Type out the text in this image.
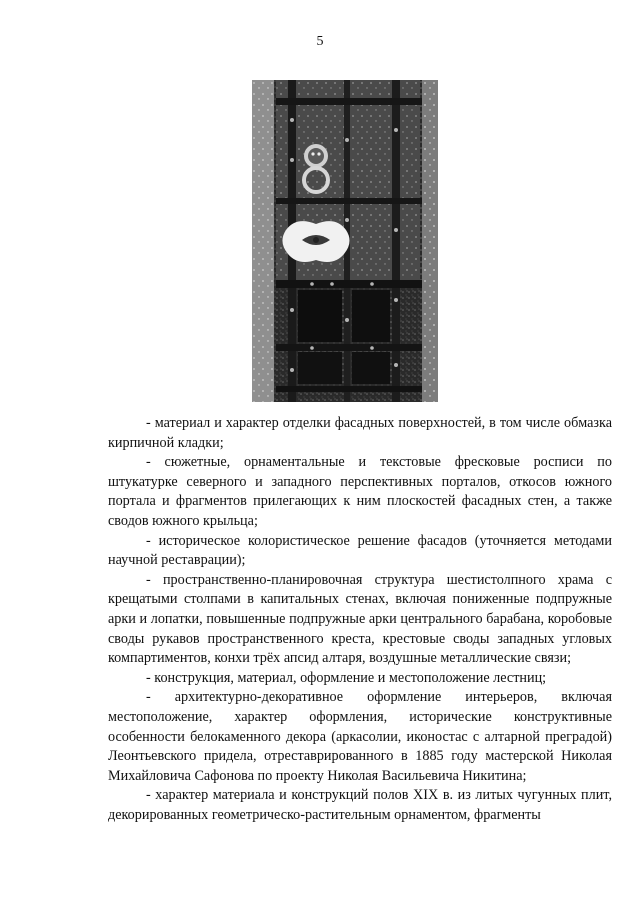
5

- материал и характер отделки фасадных поверхностей, в том числе обмазка кирпичной кладки;

- сюжетные, орнаментальные и текстовые фресковые росписи по штукатурке северного и западного перспективных порталов, откосов южного портала и фрагментов прилегающих к ним плоскостей фасадных стен, а также сводов южного крыльца;

- историческое колористическое решение фасадов (уточняется методами научной реставрации);

- пространственно-планировочная структура шестистолпного храма с крещатыми столпами в капитальных стенах, включая пониженные подпружные арки и лопатки, повышенные подпружные арки центрального барабана, коробовые своды рукавов пространственного креста, крестовые своды западных угловых компартиментов, конхи трёх апсид алтаря, воздушные металлические связи;

- конструкция, материал, оформление и местоположение лестниц;

- архитектурно-декоративное оформление интерьеров, включая местоположение, характер оформления, исторические конструктивные особенности белокаменного декора (аркасолии, иконостас с алтарной преградой) Леонтьевского придела, отреставрированного в 1885 году мастерской Николая Михайловича Сафонова по проекту Николая Васильевича Никитина;

- характер материала и конструкций полов XIX в. из литых чугунных плит, декорированных геометрическо-растительным орнаментом, фрагменты
